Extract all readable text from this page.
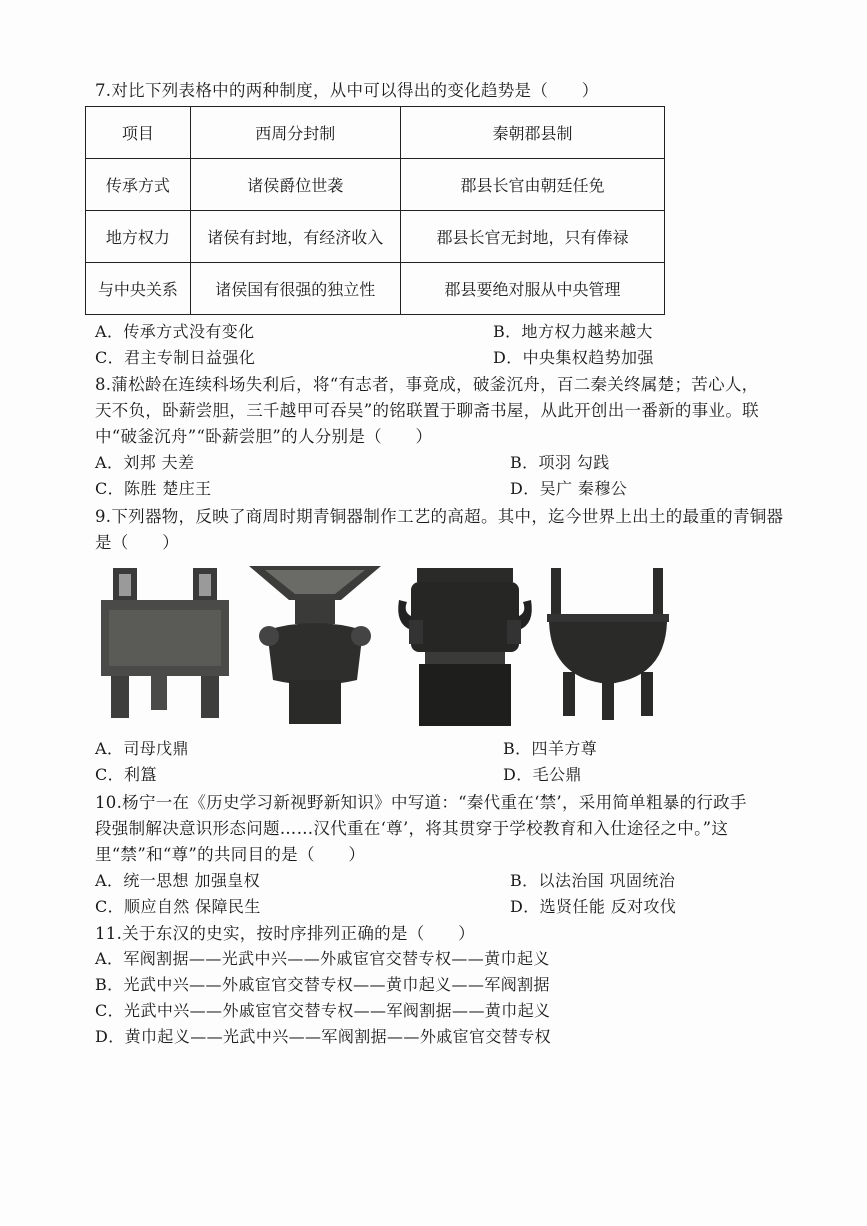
7.对比下列表格中的两种制度，从中可以得出的变化趋势是（　　）
项目	西周分封制	秦朝郡县制
传承方式	诸侯爵位世袭	郡县长官由朝廷任免
地方权力	诸侯有封地，有经济收入	郡县长官无封地，只有俸禄
与中央关系	诸侯国有很强的独立性	郡县要绝对服从中央管理
A．传承方式没有变化	B．地方权力越来越大
C．君主专制日益强化	D．中央集权趋势加强
8.蒲松龄在连续科场失利后，将“有志者，事竟成，破釜沉舟，百二秦关终属楚；苦心人，
天不负，卧薪尝胆，三千越甲可吞吴”的铭联置于聊斋书屋，从此开创出一番新的事业。联
中“破釜沉舟”“卧薪尝胆”的人分别是（　　）
A．刘邦 夫差	B．项羽 勾践
C．陈胜 楚庄王	D．吴广 秦穆公
9.下列器物，反映了商周时期青铜器制作工艺的高超。其中，迄今世界上出土的最重的青铜器
是（　　）
A．司母戊鼎	B．四羊方尊
C．利簋	D．毛公鼎
10.杨宁一在《历史学习新视野新知识》中写道：“秦代重在‘禁’，采用简单粗暴的行政手
段强制解决意识形态问题……汉代重在‘尊’，将其贯穿于学校教育和入仕途径之中。”这
里“禁”和“尊”的共同目的是（　　）
A．统一思想 加强皇权	B．以法治国 巩固统治
C．顺应自然 保障民生	D．选贤任能 反对攻伐
11.关于东汉的史实，按时序排列正确的是（　　）
A．军阀割据——光武中兴——外戚宦官交替专权——黄巾起义
B．光武中兴——外戚宦官交替专权——黄巾起义——军阀割据
C．光武中兴——外戚宦官交替专权——军阀割据——黄巾起义
D．黄巾起义——光武中兴——军阀割据——外戚宦官交替专权
